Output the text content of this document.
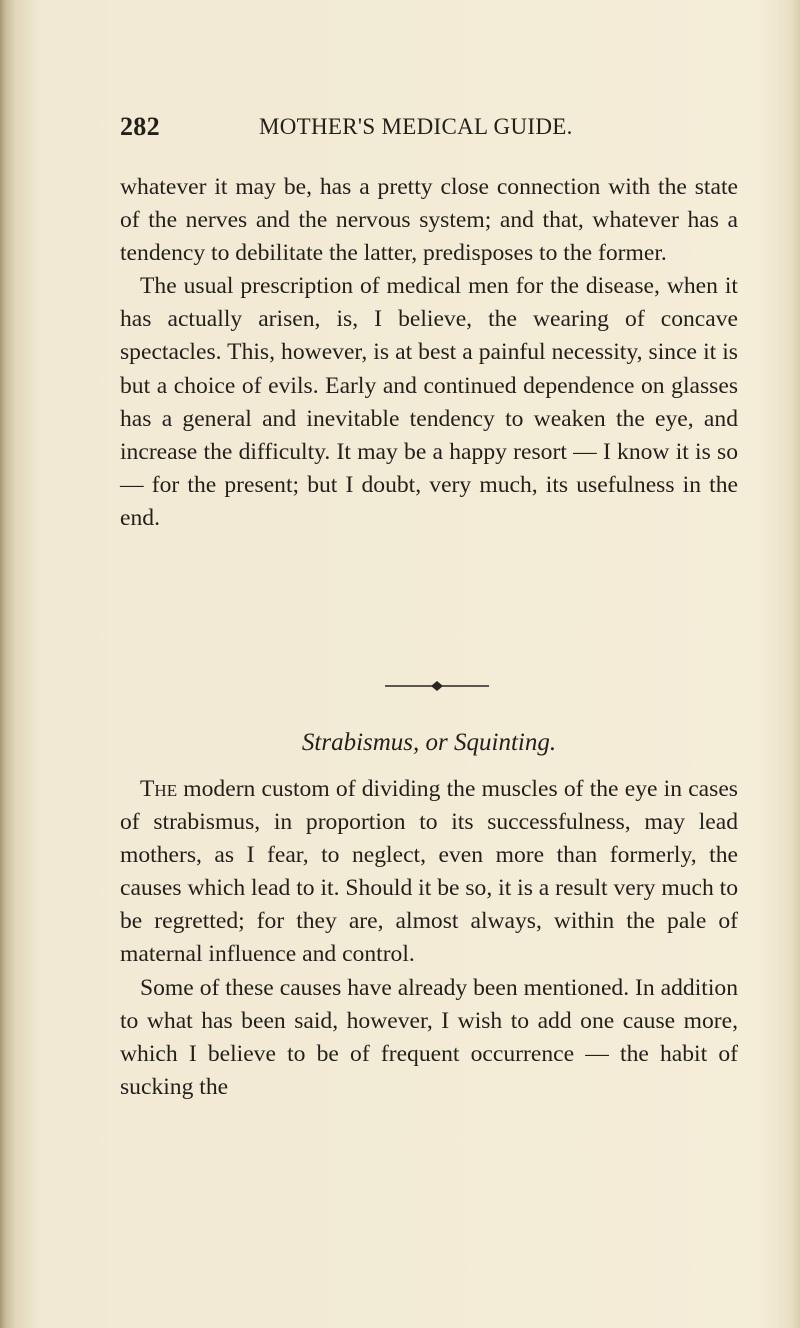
282	MOTHER'S MEDICAL GUIDE.

whatever it may be, has a pretty close connection with the state of the nerves and the nervous system; and that, whatever has a tendency to debilitate the latter, predisposes to the former.

The usual prescription of medical men for the disease, when it has actually arisen, is, I believe, the wearing of concave spectacles. This, however, is at best a painful necessity, since it is but a choice of evils. Early and continued dependence on glasses has a general and inevitable tendency to weaken the eye, and increase the difficulty. It may be a happy resort — I know it is so — for the present; but I doubt, very much, its usefulness in the end.

Strabismus, or Squinting.

The modern custom of dividing the muscles of the eye in cases of strabismus, in proportion to its successfulness, may lead mothers, as I fear, to neglect, even more than formerly, the causes which lead to it. Should it be so, it is a result very much to be regretted; for they are, almost always, within the pale of maternal influence and control.

Some of these causes have already been mentioned. In addition to what has been said, however, I wish to add one cause more, which I believe to be of frequent occurrence — the habit of sucking the
